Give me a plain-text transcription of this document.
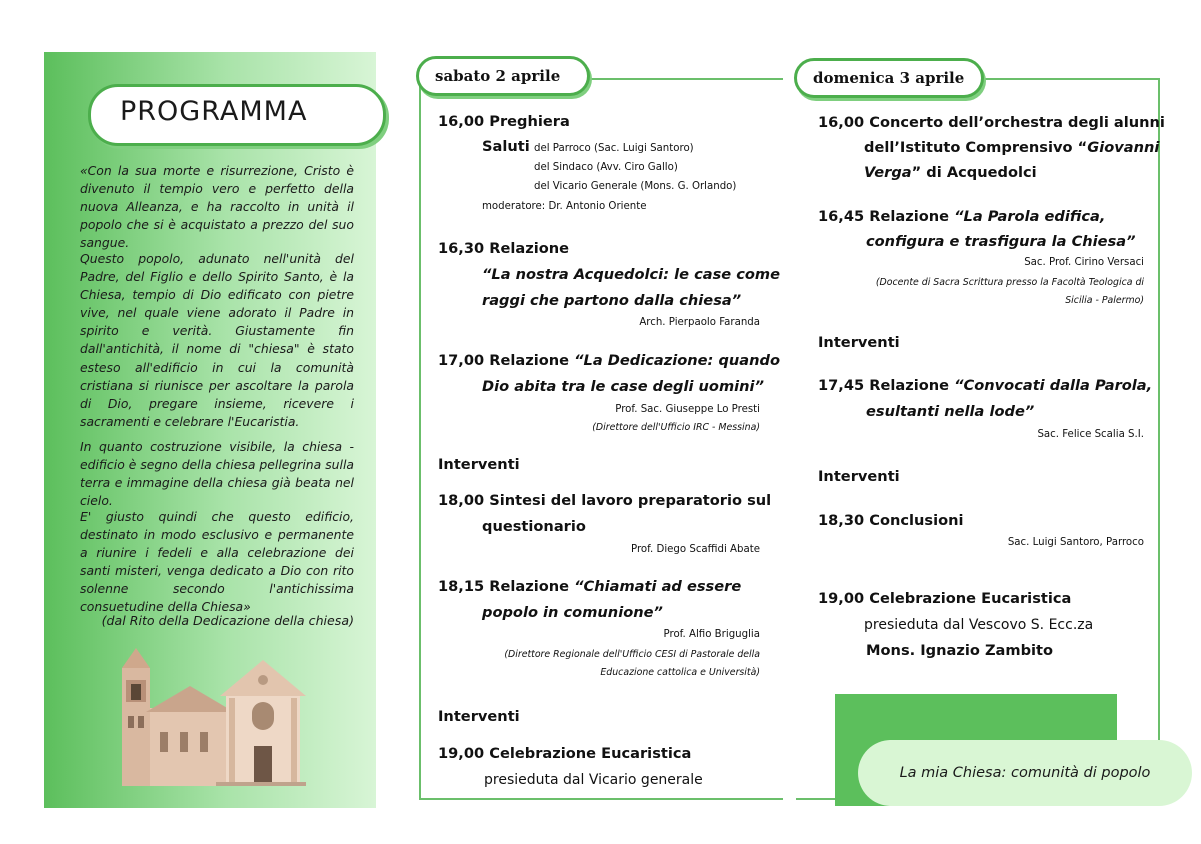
PROGRAMMA

«Con la sua morte e risurrezione, Cristo è divenuto il tempio vero e perfetto della nuova Alleanza, e ha raccolto in unità il popolo che si è acquistato a prezzo del suo sangue.

Questo popolo, adunato nell'unità del Padre, del Figlio e dello Spirito Santo, è la Chiesa, tempio di Dio edificato con pietre vive, nel quale viene adorato il Padre in spirito e verità. Giustamente fin dall'antichità, il nome di "chiesa" è stato esteso all'edificio in cui la comunità cristiana si riunisce per ascoltare la parola di Dio, pregare insieme, ricevere i sacramenti e celebrare l'Eucaristia.

In quanto costruzione visibile, la chiesa - edificio è segno della chiesa pellegrina sulla terra e immagine della chiesa già beata nel cielo.

E' giusto quindi che questo edificio, destinato in modo esclusivo e permanente a riunire i fedeli e alla celebrazione dei santi misteri, venga dedicato a Dio con rito solenne secondo l'antichissima consuetudine della Chiesa»

(dal Rito della Dedicazione della chiesa)
sabato 2 aprile	domenica 3 aprile
16,00 Preghiera
Saluti del Parroco (Sac. Luigi Santoro)
del Sindaco (Avv. Ciro Gallo)
del Vicario Generale (Mons. G. Orlando)
moderatore: Dr. Antonio Oriente
16,30 Relazione
“La nostra Acquedolci: le case come
raggi che partono dalla chiesa”
Arch. Pierpaolo Faranda
17,00 Relazione “La Dedicazione: quando
Dio abita tra le case degli uomini”
Prof. Sac. Giuseppe Lo Presti
(Direttore dell'Ufficio IRC - Messina)
Interventi
18,00 Sintesi del lavoro preparatorio sul
questionario
Prof. Diego Scaffidi Abate
18,15 Relazione “Chiamati ad essere
popolo in comunione”
Prof. Alfio Briguglia
(Direttore Regionale dell'Ufficio CESI di Pastorale della
Educazione cattolica e Università)
Interventi
19,00 Celebrazione Eucaristica
presieduta dal Vicario generale
16,00 Concerto dell’orchestra degli alunni
dell’Istituto Comprensivo “Giovanni
Verga” di Acquedolci
16,45 Relazione “La Parola edifica,
configura e trasfigura la Chiesa”
Sac. Prof. Cirino Versaci
(Docente di Sacra Scrittura presso la Facoltà Teologica di
Sicilia - Palermo)
Interventi
17,45 Relazione “Convocati dalla Parola,
esultanti nella lode”
Sac. Felice Scalia S.I.
Interventi
18,30 Conclusioni
Sac. Luigi Santoro, Parroco
19,00 Celebrazione Eucaristica
presieduta dal Vescovo S. Ecc.za
Mons. Ignazio Zambito
La mia Chiesa: comunità di popolo
